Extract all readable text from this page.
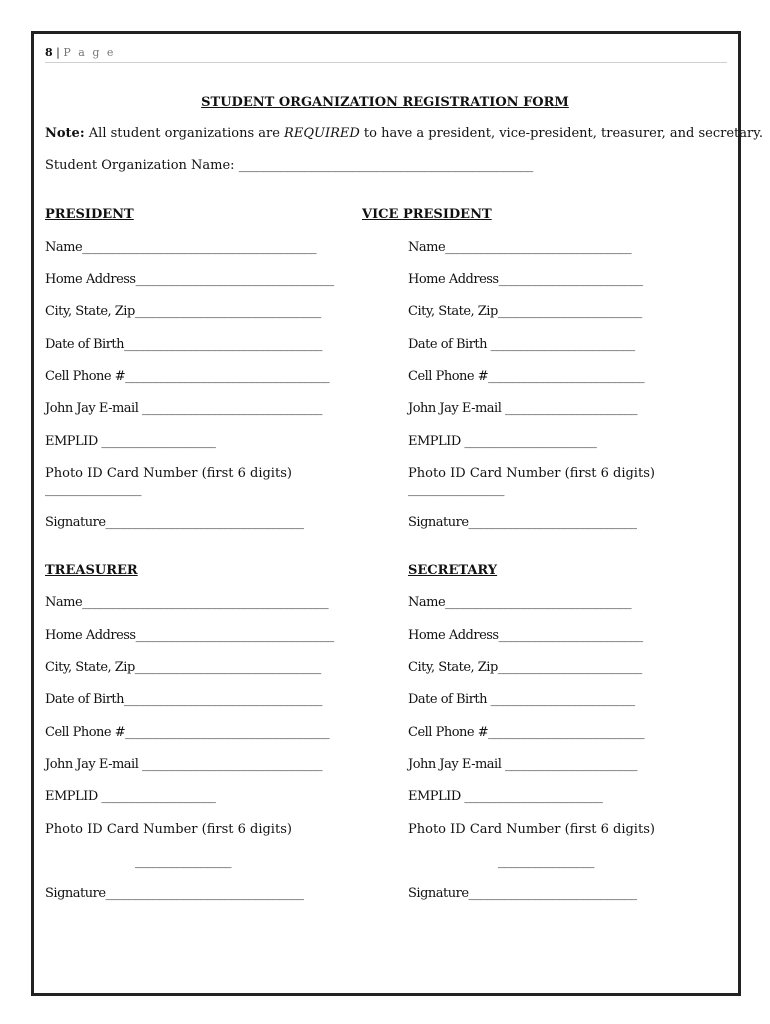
8 | P a g e
STUDENT ORGANIZATION REGISTRATION FORM
Note: All student organizations are REQUIRED to have a president, vice-president, treasurer, and secretary.
Student Organization Name: _________________________________________________
PRESIDENT
Name_______________________________________
Home Address_________________________________
City, State, Zip_______________________________
Date of Birth_________________________________
Cell Phone #__________________________________
John Jay E-mail ______________________________
EMPLID ___________________
Photo ID Card Number (first 6 digits)
________________
Signature_________________________________
VICE PRESIDENT
Name_______________________________
Home Address________________________
City, State, Zip________________________
Date of Birth ________________________
Cell Phone #__________________________
John Jay E-mail ______________________
EMPLID ______________________
Photo ID Card Number (first 6 digits)
________________
Signature____________________________
TREASURER
Name_________________________________________
Home Address_________________________________
City, State, Zip_______________________________
Date of Birth_________________________________
Cell Phone #__________________________________
John Jay E-mail ______________________________
EMPLID ___________________
Photo ID Card Number (first 6 digits)
________________
Signature_________________________________
SECRETARY
Name_______________________________
Home Address________________________
City, State, Zip________________________
Date of Birth ________________________
Cell Phone #__________________________
John Jay E-mail ______________________
EMPLID _______________________
Photo ID Card Number (first 6 digits)
________________
Signature____________________________
